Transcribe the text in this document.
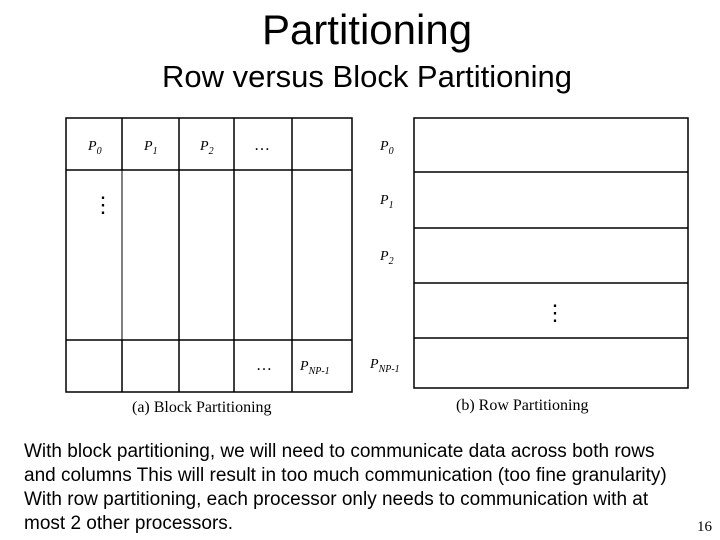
Partitioning
Row versus Block Partitioning
$P_0$	$P_1$	$P_2$	…
⋮
… $P_{NP-1}$
(a) Block Partitioning
$P_0$
$P_1$
$P_2$
⋮
$P_{NP-1}$
(b) Row Partitioning
With block partitioning, we will need to communicate data across both rows
and columns This will result in too much communication (too fine granularity)
With row partitioning, each processor only needs to communication with at
most 2 other processors.	16
